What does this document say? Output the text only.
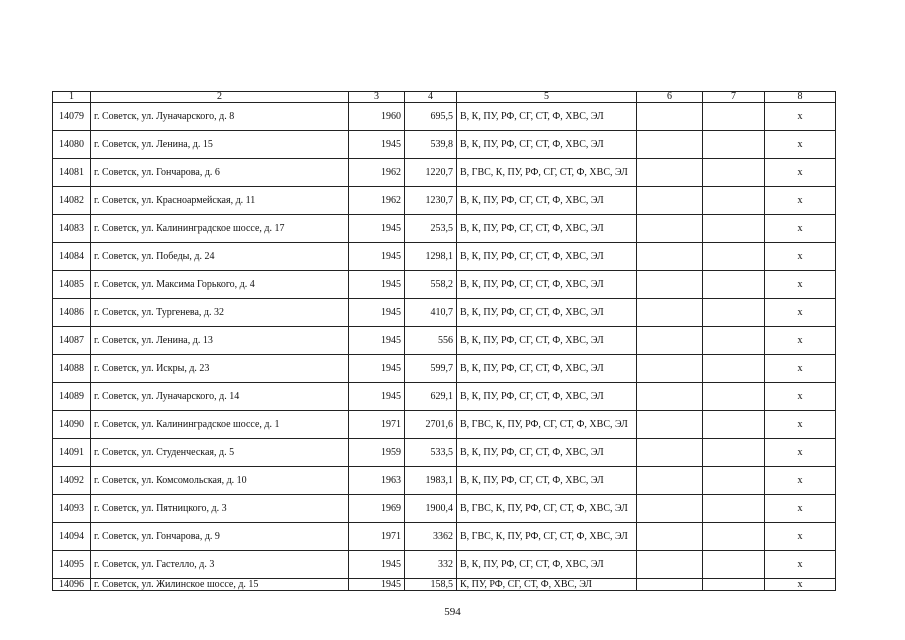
1	2	3	4	5	6	7	8
14079	г. Советск, ул. Луначарского, д. 8	1960	695,5	В, К, ПУ, РФ, СГ, СТ, Ф, ХВС, ЭЛ			x
14080	г. Советск, ул. Ленина, д. 15	1945	539,8	В, К, ПУ, РФ, СГ, СТ, Ф, ХВС, ЭЛ			x
14081	г. Советск, ул. Гончарова, д. 6	1962	1220,7	В, ГВС, К, ПУ, РФ, СГ, СТ, Ф, ХВС, ЭЛ			x
14082	г. Советск, ул. Красноармейская, д. 11	1962	1230,7	В, К, ПУ, РФ, СГ, СТ, Ф, ХВС, ЭЛ			x
14083	г. Советск, ул. Калининградское шоссе, д. 17	1945	253,5	В, К, ПУ, РФ, СГ, СТ, Ф, ХВС, ЭЛ			x
14084	г. Советск, ул. Победы, д. 24	1945	1298,1	В, К, ПУ, РФ, СГ, СТ, Ф, ХВС, ЭЛ			x
14085	г. Советск, ул. Максима Горького, д. 4	1945	558,2	В, К, ПУ, РФ, СГ, СТ, Ф, ХВС, ЭЛ			x
14086	г. Советск, ул. Тургенева, д. 32	1945	410,7	В, К, ПУ, РФ, СГ, СТ, Ф, ХВС, ЭЛ			x
14087	г. Советск, ул. Ленина, д. 13	1945	556	В, К, ПУ, РФ, СГ, СТ, Ф, ХВС, ЭЛ			x
14088	г. Советск, ул. Искры, д. 23	1945	599,7	В, К, ПУ, РФ, СГ, СТ, Ф, ХВС, ЭЛ			x
14089	г. Советск, ул. Луначарского, д. 14	1945	629,1	В, К, ПУ, РФ, СГ, СТ, Ф, ХВС, ЭЛ			x
14090	г. Советск, ул. Калининградское шоссе, д. 1	1971	2701,6	В, ГВС, К, ПУ, РФ, СГ, СТ, Ф, ХВС, ЭЛ			x
14091	г. Советск, ул. Студенческая, д. 5	1959	533,5	В, К, ПУ, РФ, СГ, СТ, Ф, ХВС, ЭЛ			x
14092	г. Советск, ул. Комсомольская, д. 10	1963	1983,1	В, К, ПУ, РФ, СГ, СТ, Ф, ХВС, ЭЛ			x
14093	г. Советск, ул. Пятницкого, д. 3	1969	1900,4	В, ГВС, К, ПУ, РФ, СГ, СТ, Ф, ХВС, ЭЛ			x
14094	г. Советск, ул. Гончарова, д. 9	1971	3362	В, ГВС, К, ПУ, РФ, СГ, СТ, Ф, ХВС, ЭЛ			x
14095	г. Советск, ул. Гастелло, д. 3	1945	332	В, К, ПУ, РФ, СГ, СТ, Ф, ХВС, ЭЛ			x
14096	г. Советск, ул. Жилинское шоссе, д. 15	1945	158,5	К, ПУ, РФ, СГ, СТ, Ф, ХВС, ЭЛ			x
594
